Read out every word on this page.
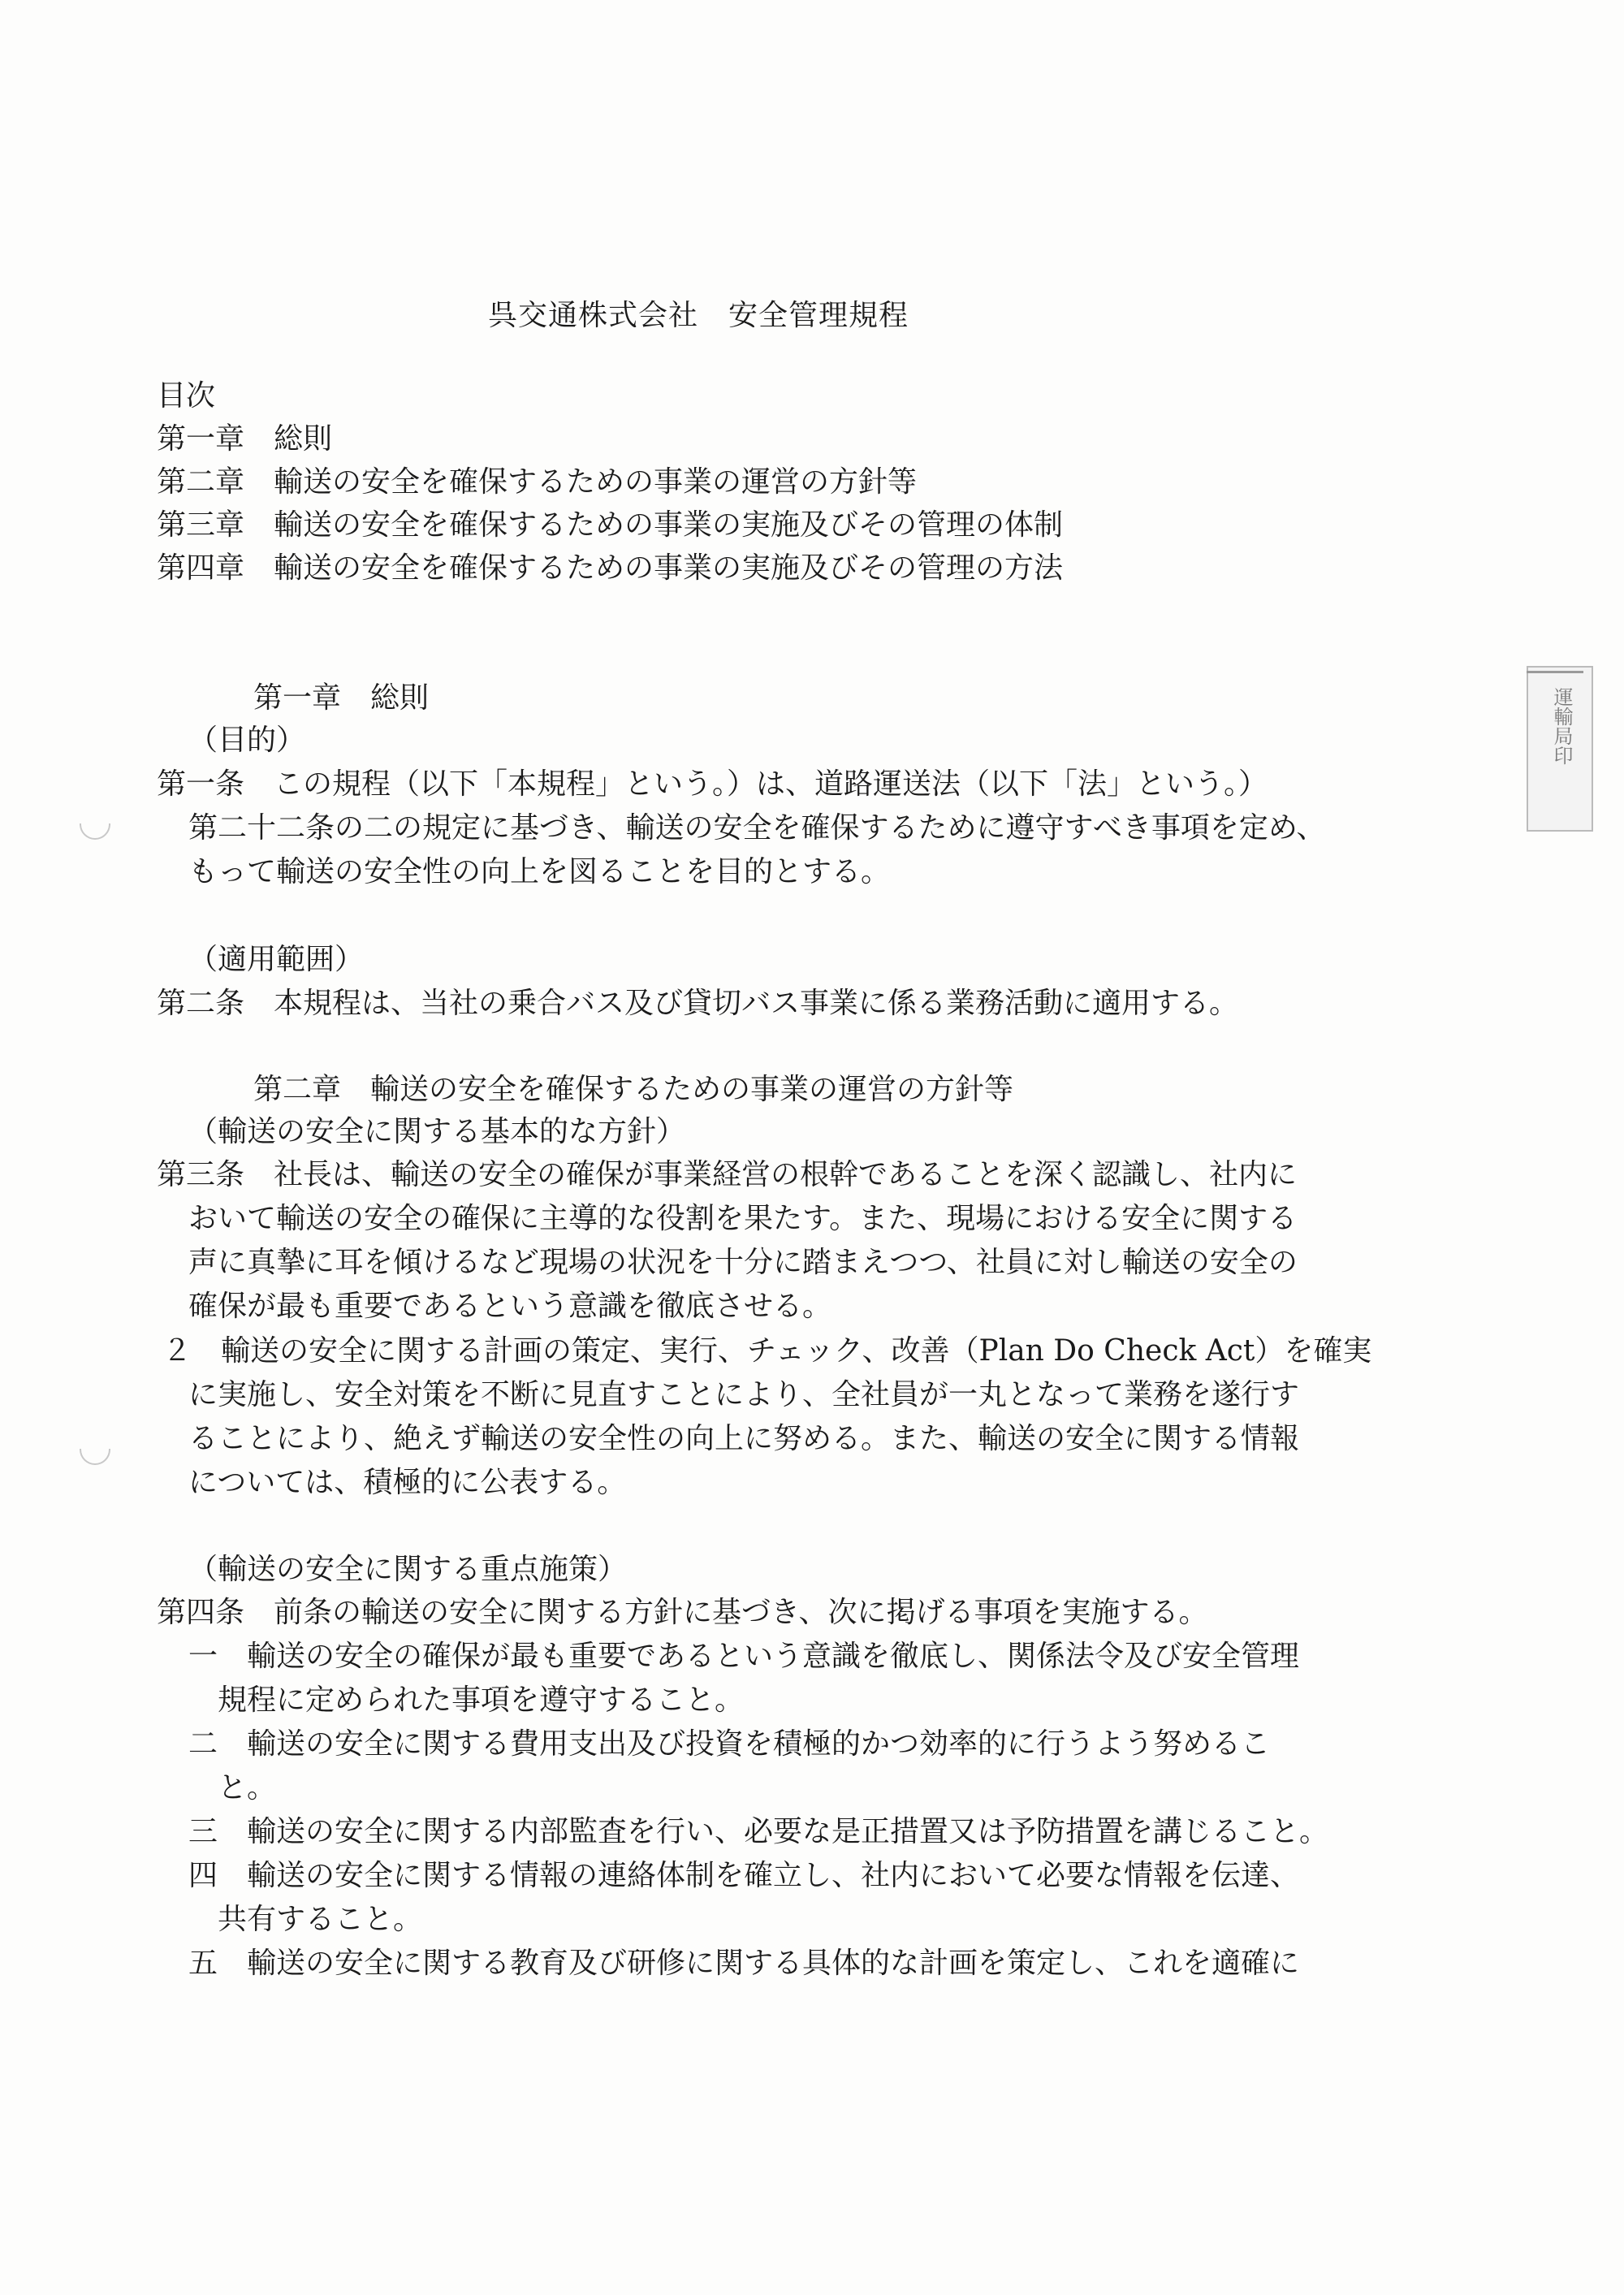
呉交通株式会社　安全管理規程
目次
第一章　総則
第二章　輸送の安全を確保するための事業の運営の方針等
第三章　輸送の安全を確保するための事業の実施及びその管理の体制
第四章　輸送の安全を確保するための事業の実施及びその管理の方法
第一章　総則
（目的）
第一条　この規程（以下「本規程」という。）は、道路運送法（以下「法」という。）
第二十二条の二の規定に基づき、輸送の安全を確保するために遵守すべき事項を定め、
もって輸送の安全性の向上を図ることを目的とする。
（適用範囲）
第二条　本規程は、当社の乗合バス及び貸切バス事業に係る業務活動に適用する。
第二章　輸送の安全を確保するための事業の運営の方針等
（輸送の安全に関する基本的な方針）
第三条　社長は、輸送の安全の確保が事業経営の根幹であることを深く認識し、社内に
おいて輸送の安全の確保に主導的な役割を果たす。また、現場における安全に関する
声に真摯に耳を傾けるなど現場の状況を十分に踏まえつつ、社員に対し輸送の安全の
確保が最も重要であるという意識を徹底させる。
２　輸送の安全に関する計画の策定、実行、チェック、改善（Plan Do Check Act）を確実
に実施し、安全対策を不断に見直すことにより、全社員が一丸となって業務を遂行す
ることにより、絶えず輸送の安全性の向上に努める。また、輸送の安全に関する情報
については、積極的に公表する。
（輸送の安全に関する重点施策）
第四条　前条の輸送の安全に関する方針に基づき、次に掲げる事項を実施する。
一　輸送の安全の確保が最も重要であるという意識を徹底し、関係法令及び安全管理
規程に定められた事項を遵守すること。
二　輸送の安全に関する費用支出及び投資を積極的かつ効率的に行うよう努めるこ
と。
三　輸送の安全に関する内部監査を行い、必要な是正措置又は予防措置を講じること。
四　輸送の安全に関する情報の連絡体制を確立し、社内において必要な情報を伝達、
共有すること。
五　輸送の安全に関する教育及び研修に関する具体的な計画を策定し、これを適確に
運輸局印
